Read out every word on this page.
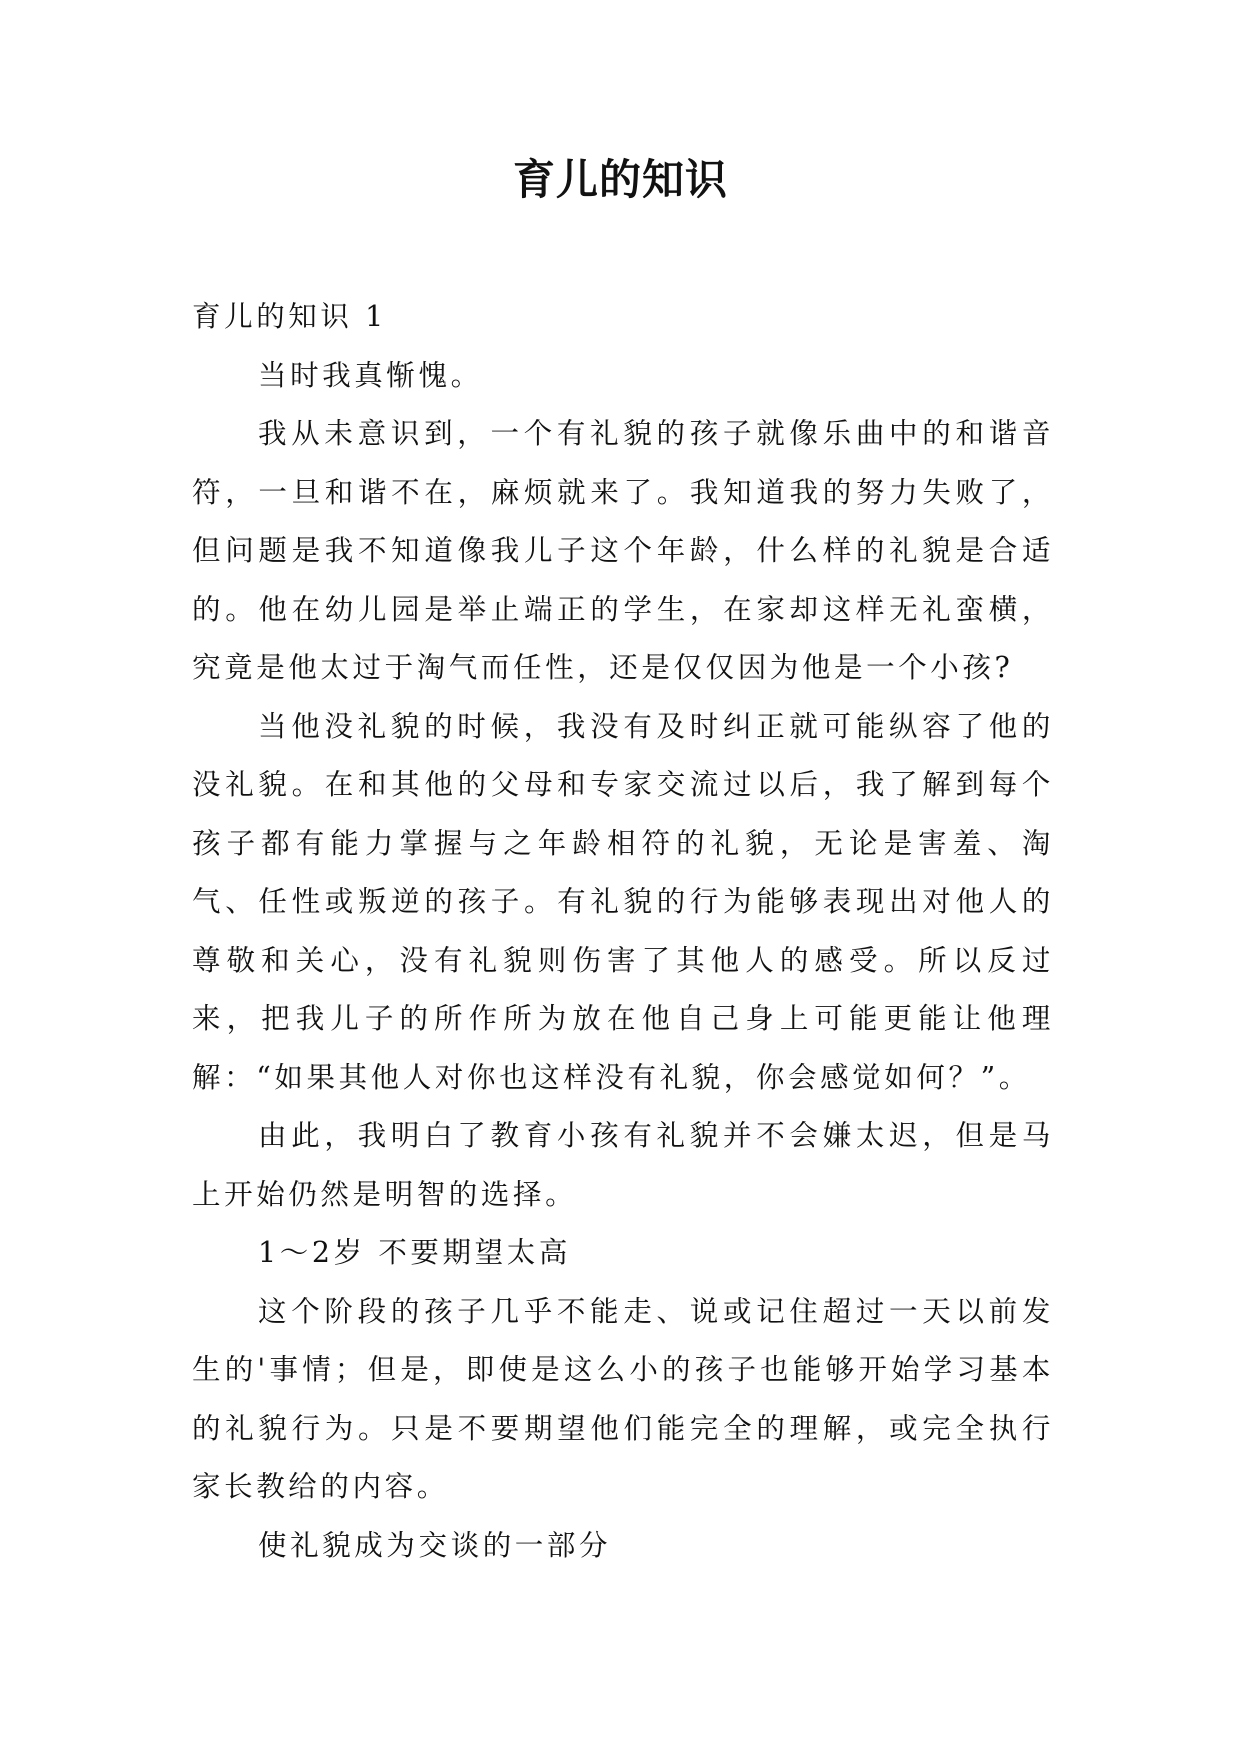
育儿的知识

育儿的知识 1

当时我真惭愧。

我从未意识到，一个有礼貌的孩子就像乐曲中的和谐音符，一旦和谐不在，麻烦就来了。我知道我的努力失败了，但问题是我不知道像我儿子这个年龄，什么样的礼貌是合适的。他在幼儿园是举止端正的学生，在家却这样无礼蛮横，究竟是他太过于淘气而任性，还是仅仅因为他是一个小孩?

当他没礼貌的时候，我没有及时纠正就可能纵容了他的没礼貌。在和其他的父母和专家交流过以后，我了解到每个孩子都有能力掌握与之年龄相符的礼貌，无论是害羞、淘气、任性或叛逆的孩子。有礼貌的行为能够表现出对他人的尊敬和关心，没有礼貌则伤害了其他人的感受。所以反过来，把我儿子的所作所为放在他自己身上可能更能让他理解：“如果其他人对你也这样没有礼貌，你会感觉如何？”。

由此，我明白了教育小孩有礼貌并不会嫌太迟，但是马上开始仍然是明智的选择。

1～2岁 不要期望太高

这个阶段的孩子几乎不能走、说或记住超过一天以前发生的'事情；但是，即使是这么小的孩子也能够开始学习基本的礼貌行为。只是不要期望他们能完全的理解，或完全执行家长教给的内容。

使礼貌成为交谈的一部分
